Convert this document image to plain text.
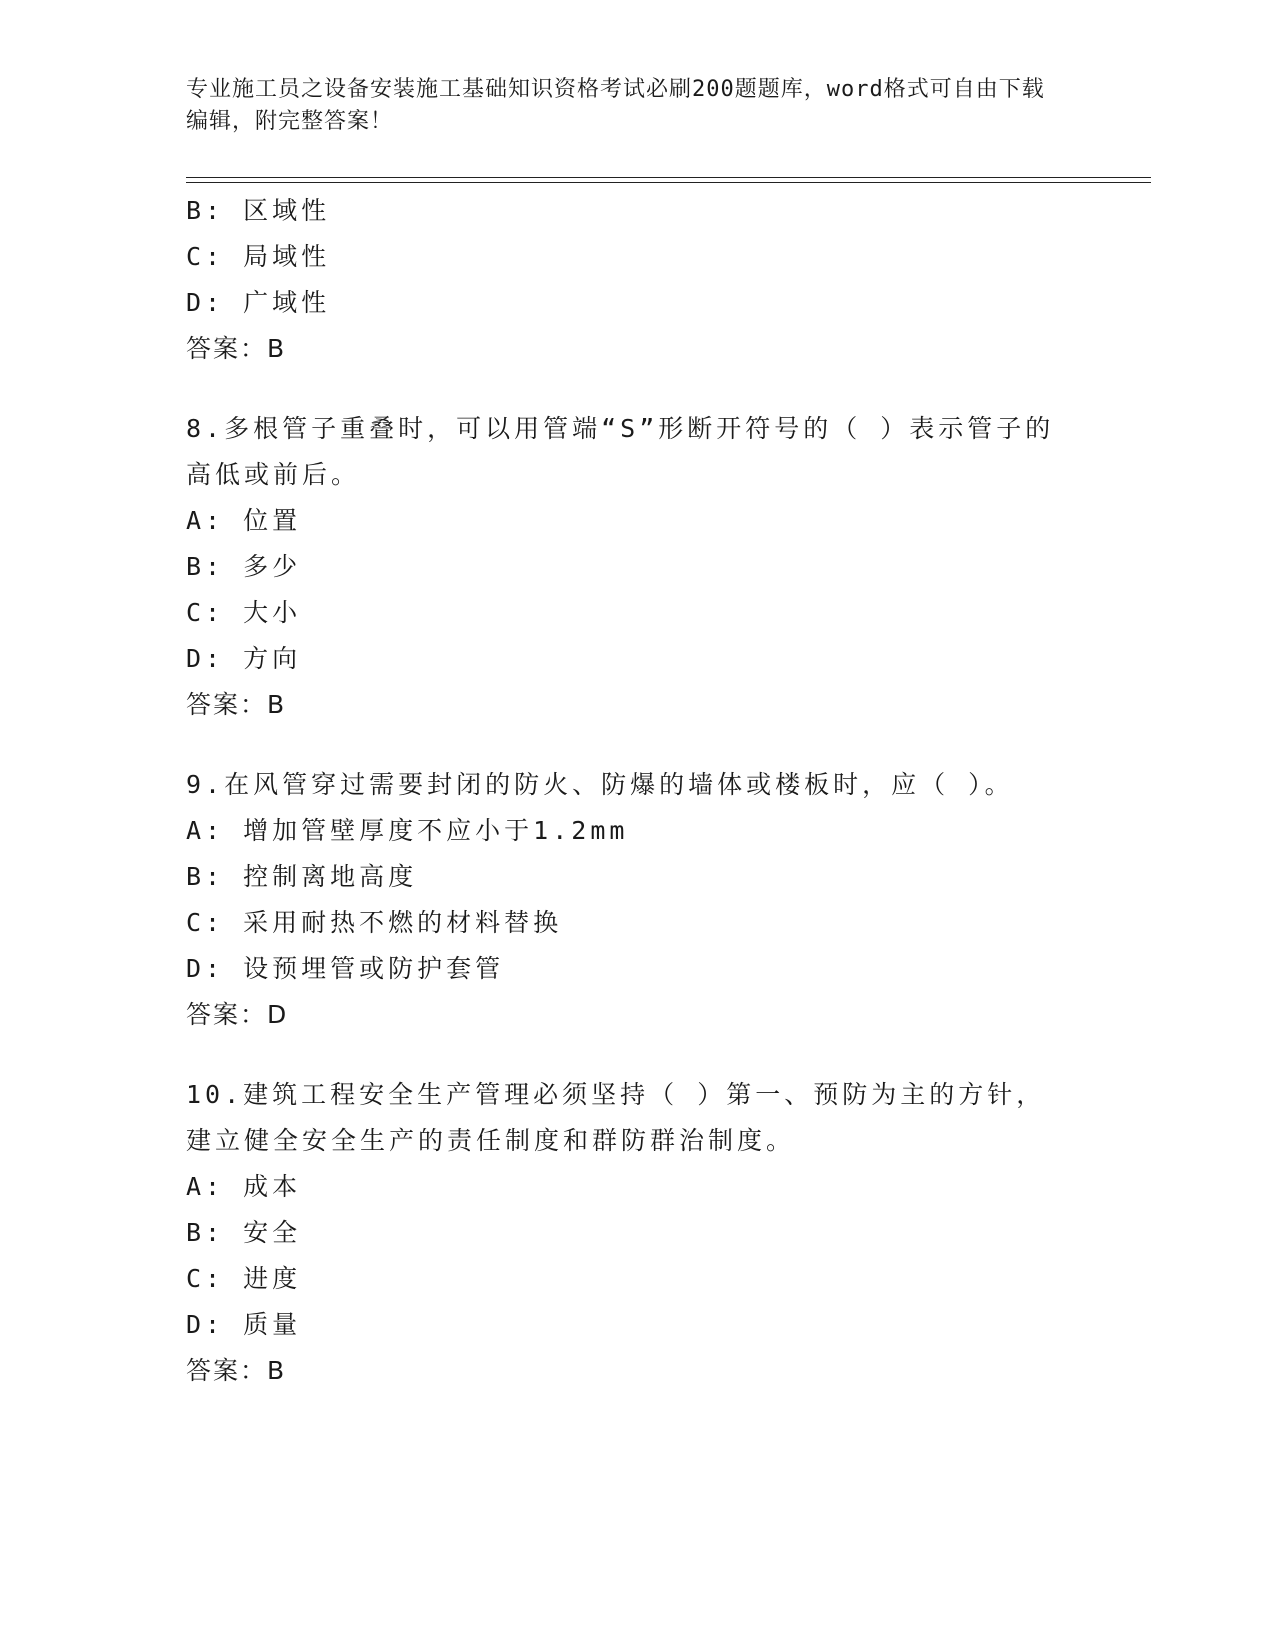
专业施工员之设备安装施工基础知识资格考试必刷200题题库，word格式可自由下载编辑，附完整答案！
B: 区域性
C: 局域性
D: 广域性
答案：B
8.多根管子重叠时，可以用管端“S”形断开符号的（ ）表示管子的高低或前后。
A: 位置
B: 多少
C: 大小
D: 方向
答案：B
9.在风管穿过需要封闭的防火、防爆的墙体或楼板时，应（ ）。
A: 增加管壁厚度不应小于1.2mm
B: 控制离地高度
C: 采用耐热不燃的材料替换
D: 设预埋管或防护套管
答案：D
10.建筑工程安全生产管理必须坚持（ ）第一、预防为主的方针，建立健全安全生产的责任制度和群防群治制度。
A: 成本
B: 安全
C: 进度
D: 质量
答案：B
